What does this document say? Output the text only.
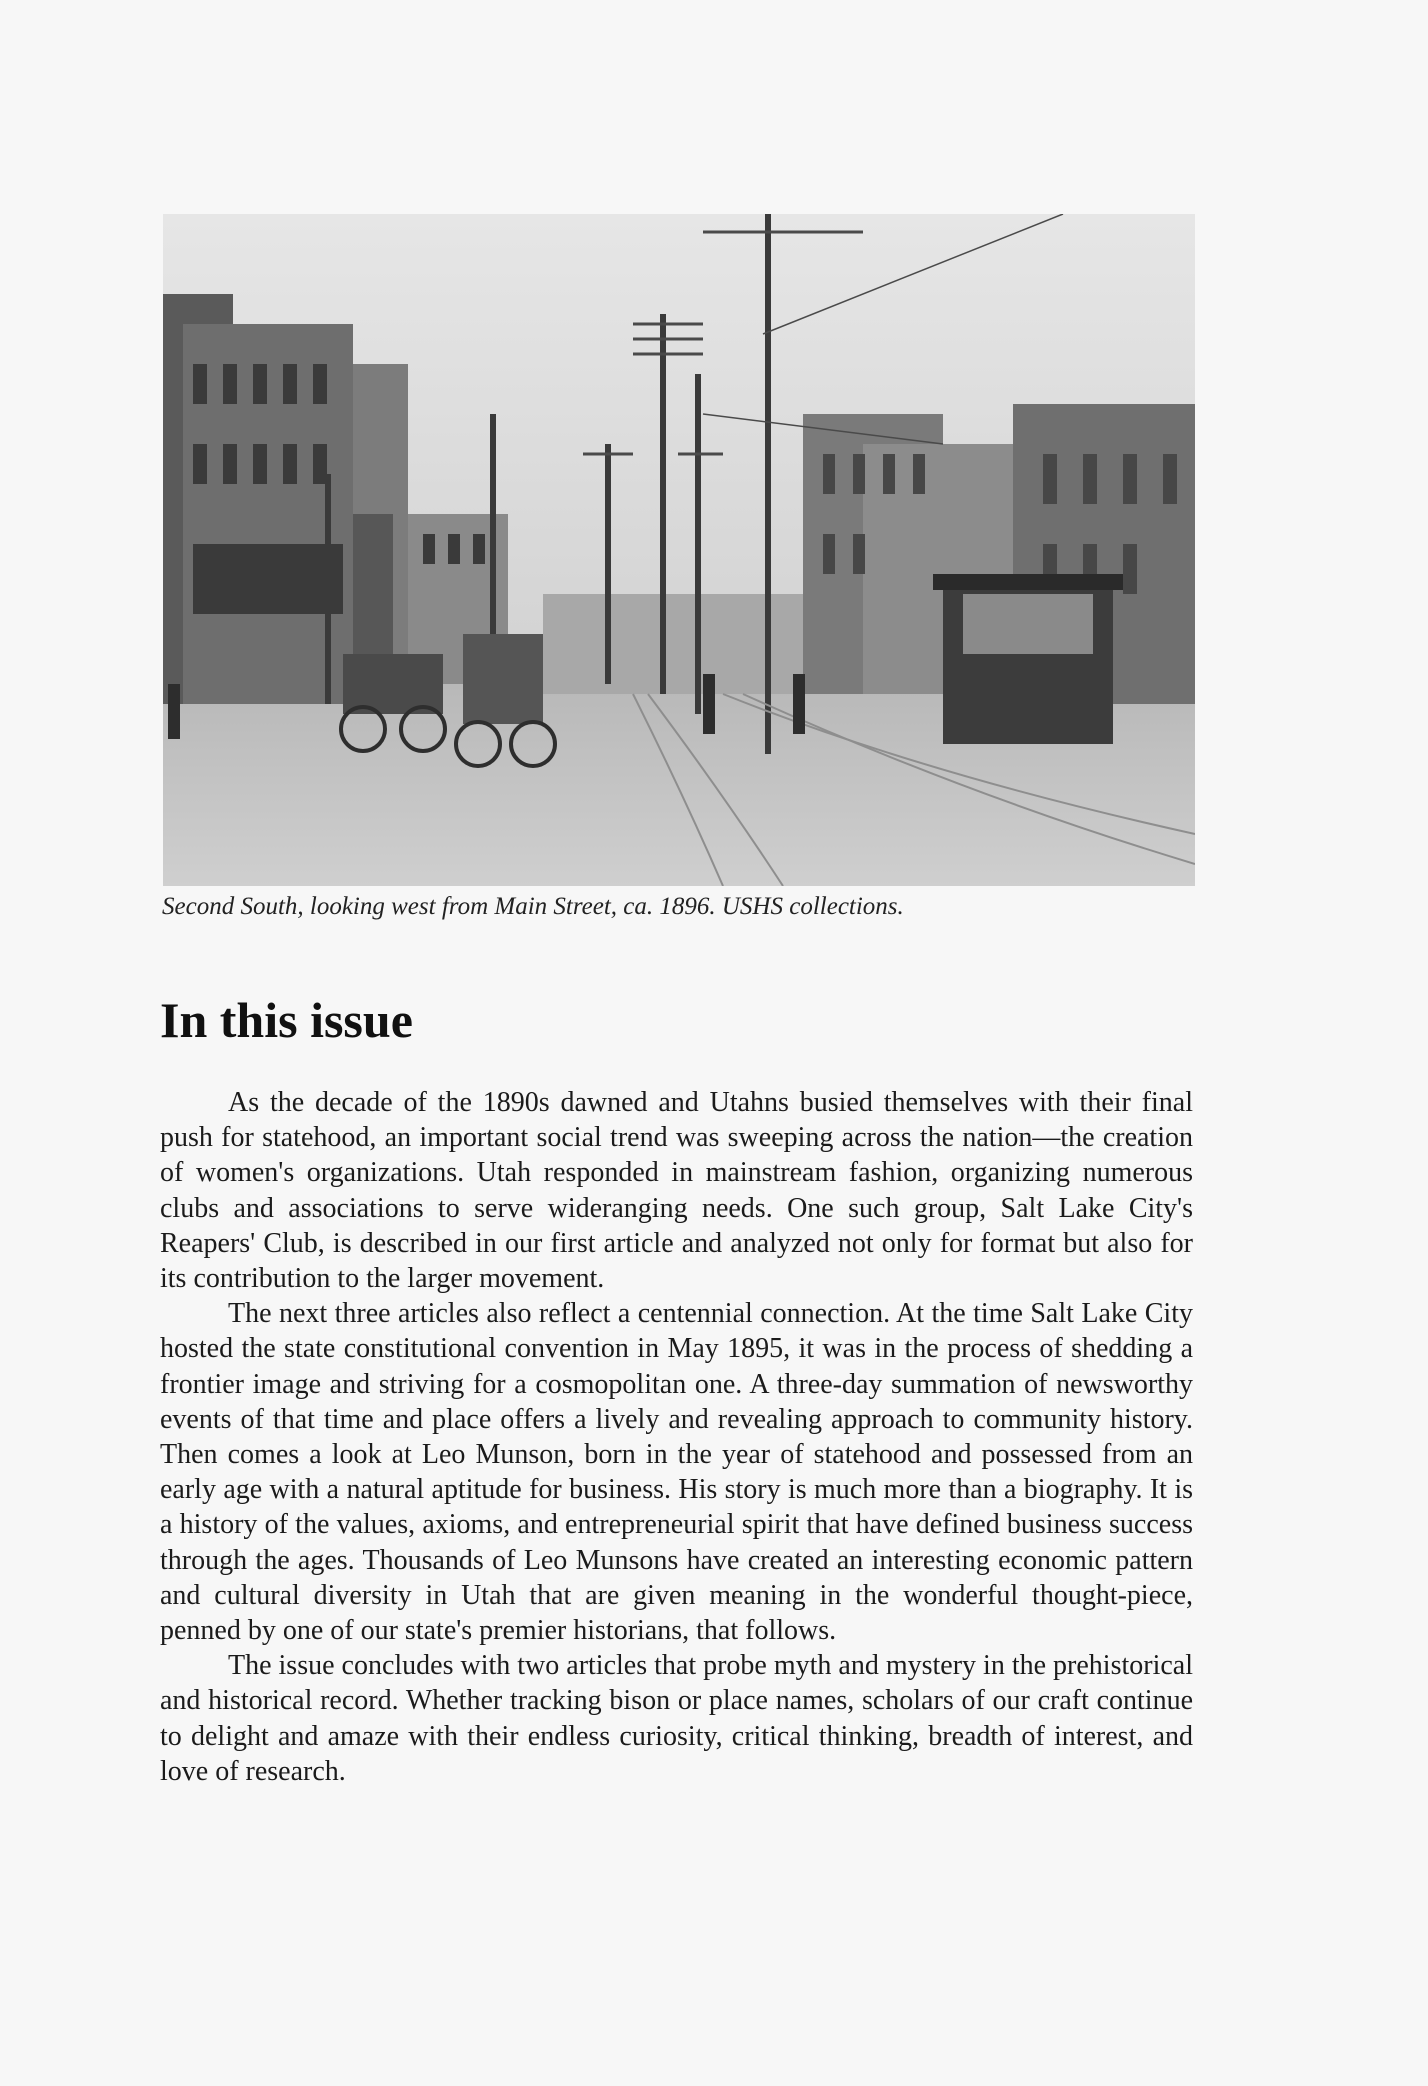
Second South, looking west from Main Street, ca. 1896. USHS collections.
In this issue

As the decade of the 1890s dawned and Utahns busied themselves with their final push for statehood, an important social trend was sweeping across the nation—the creation of women's organizations. Utah responded in mainstream fashion, organizing numerous clubs and associations to serve wideranging needs. One such group, Salt Lake City's Reapers' Club, is described in our first article and analyzed not only for format but also for its contribution to the larger movement.

The next three articles also reflect a centennial connection. At the time Salt Lake City hosted the state constitutional convention in May 1895, it was in the process of shedding a frontier image and striving for a cosmopolitan one. A three-day summation of newsworthy events of that time and place offers a lively and revealing approach to community history. Then comes a look at Leo Munson, born in the year of statehood and possessed from an early age with a natural aptitude for business. His story is much more than a biography. It is a history of the values, axioms, and entrepreneurial spirit that have defined business success through the ages. Thousands of Leo Munsons have created an interesting economic pattern and cultural diversity in Utah that are given meaning in the wonderful thought-piece, penned by one of our state's premier historians, that follows.

The issue concludes with two articles that probe myth and mystery in the prehistorical and historical record. Whether tracking bison or place names, scholars of our craft continue to delight and amaze with their endless curiosity, critical thinking, breadth of interest, and love of research.
